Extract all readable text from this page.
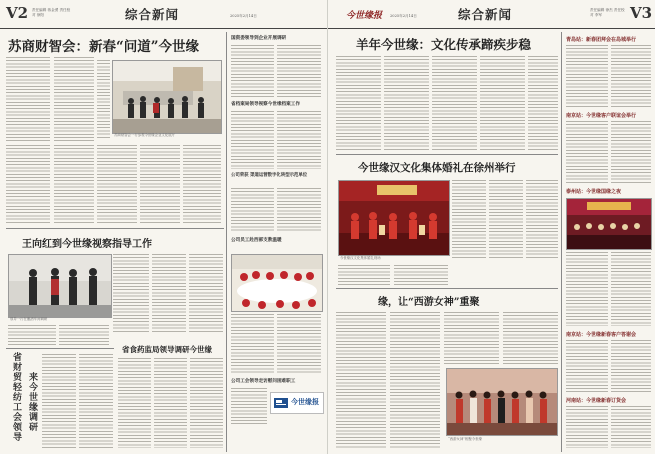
V2 责任编辑 蒋金勇 责任校对 徐阳	综合新闻	2025年2月14日
苏商财智会：新春“问道”今世缘
苏商财智会一行参观今世缘企业文化展厅
国资委领导到企业开展调研
省档案局领导视察今世缘档案工作
公司荣获 渠道运营数字化转型示范单位
公司员工赴西部支教温暖
公司工会领导走访慰问困难职工
今世缘报
王向红到今世缘视察指导工作
领导一行在酿酒车间调研
省食药监局领导调研今世缘
省财贸轻纺工会领导 来今世缘调研
今世缘报 2025年2月14日	综合新闻	责任编辑 徐杰 责任校对 李军	V3
羊年今世缘：文化传承蹄疾步稳
今世缘汉文化集体婚礼在徐州举行
今世缘汉文化集体婚礼现场
缘，让“西游女神”重聚
“西游女神”相聚今世缘
青岛站：新春团拜会在岛城举行
南京站：今世缘客户联谊会举行
泰州站：今世缘国缘之夜
南京站：今世缘新春客户答谢会
河南站：今世缘新春订货会
